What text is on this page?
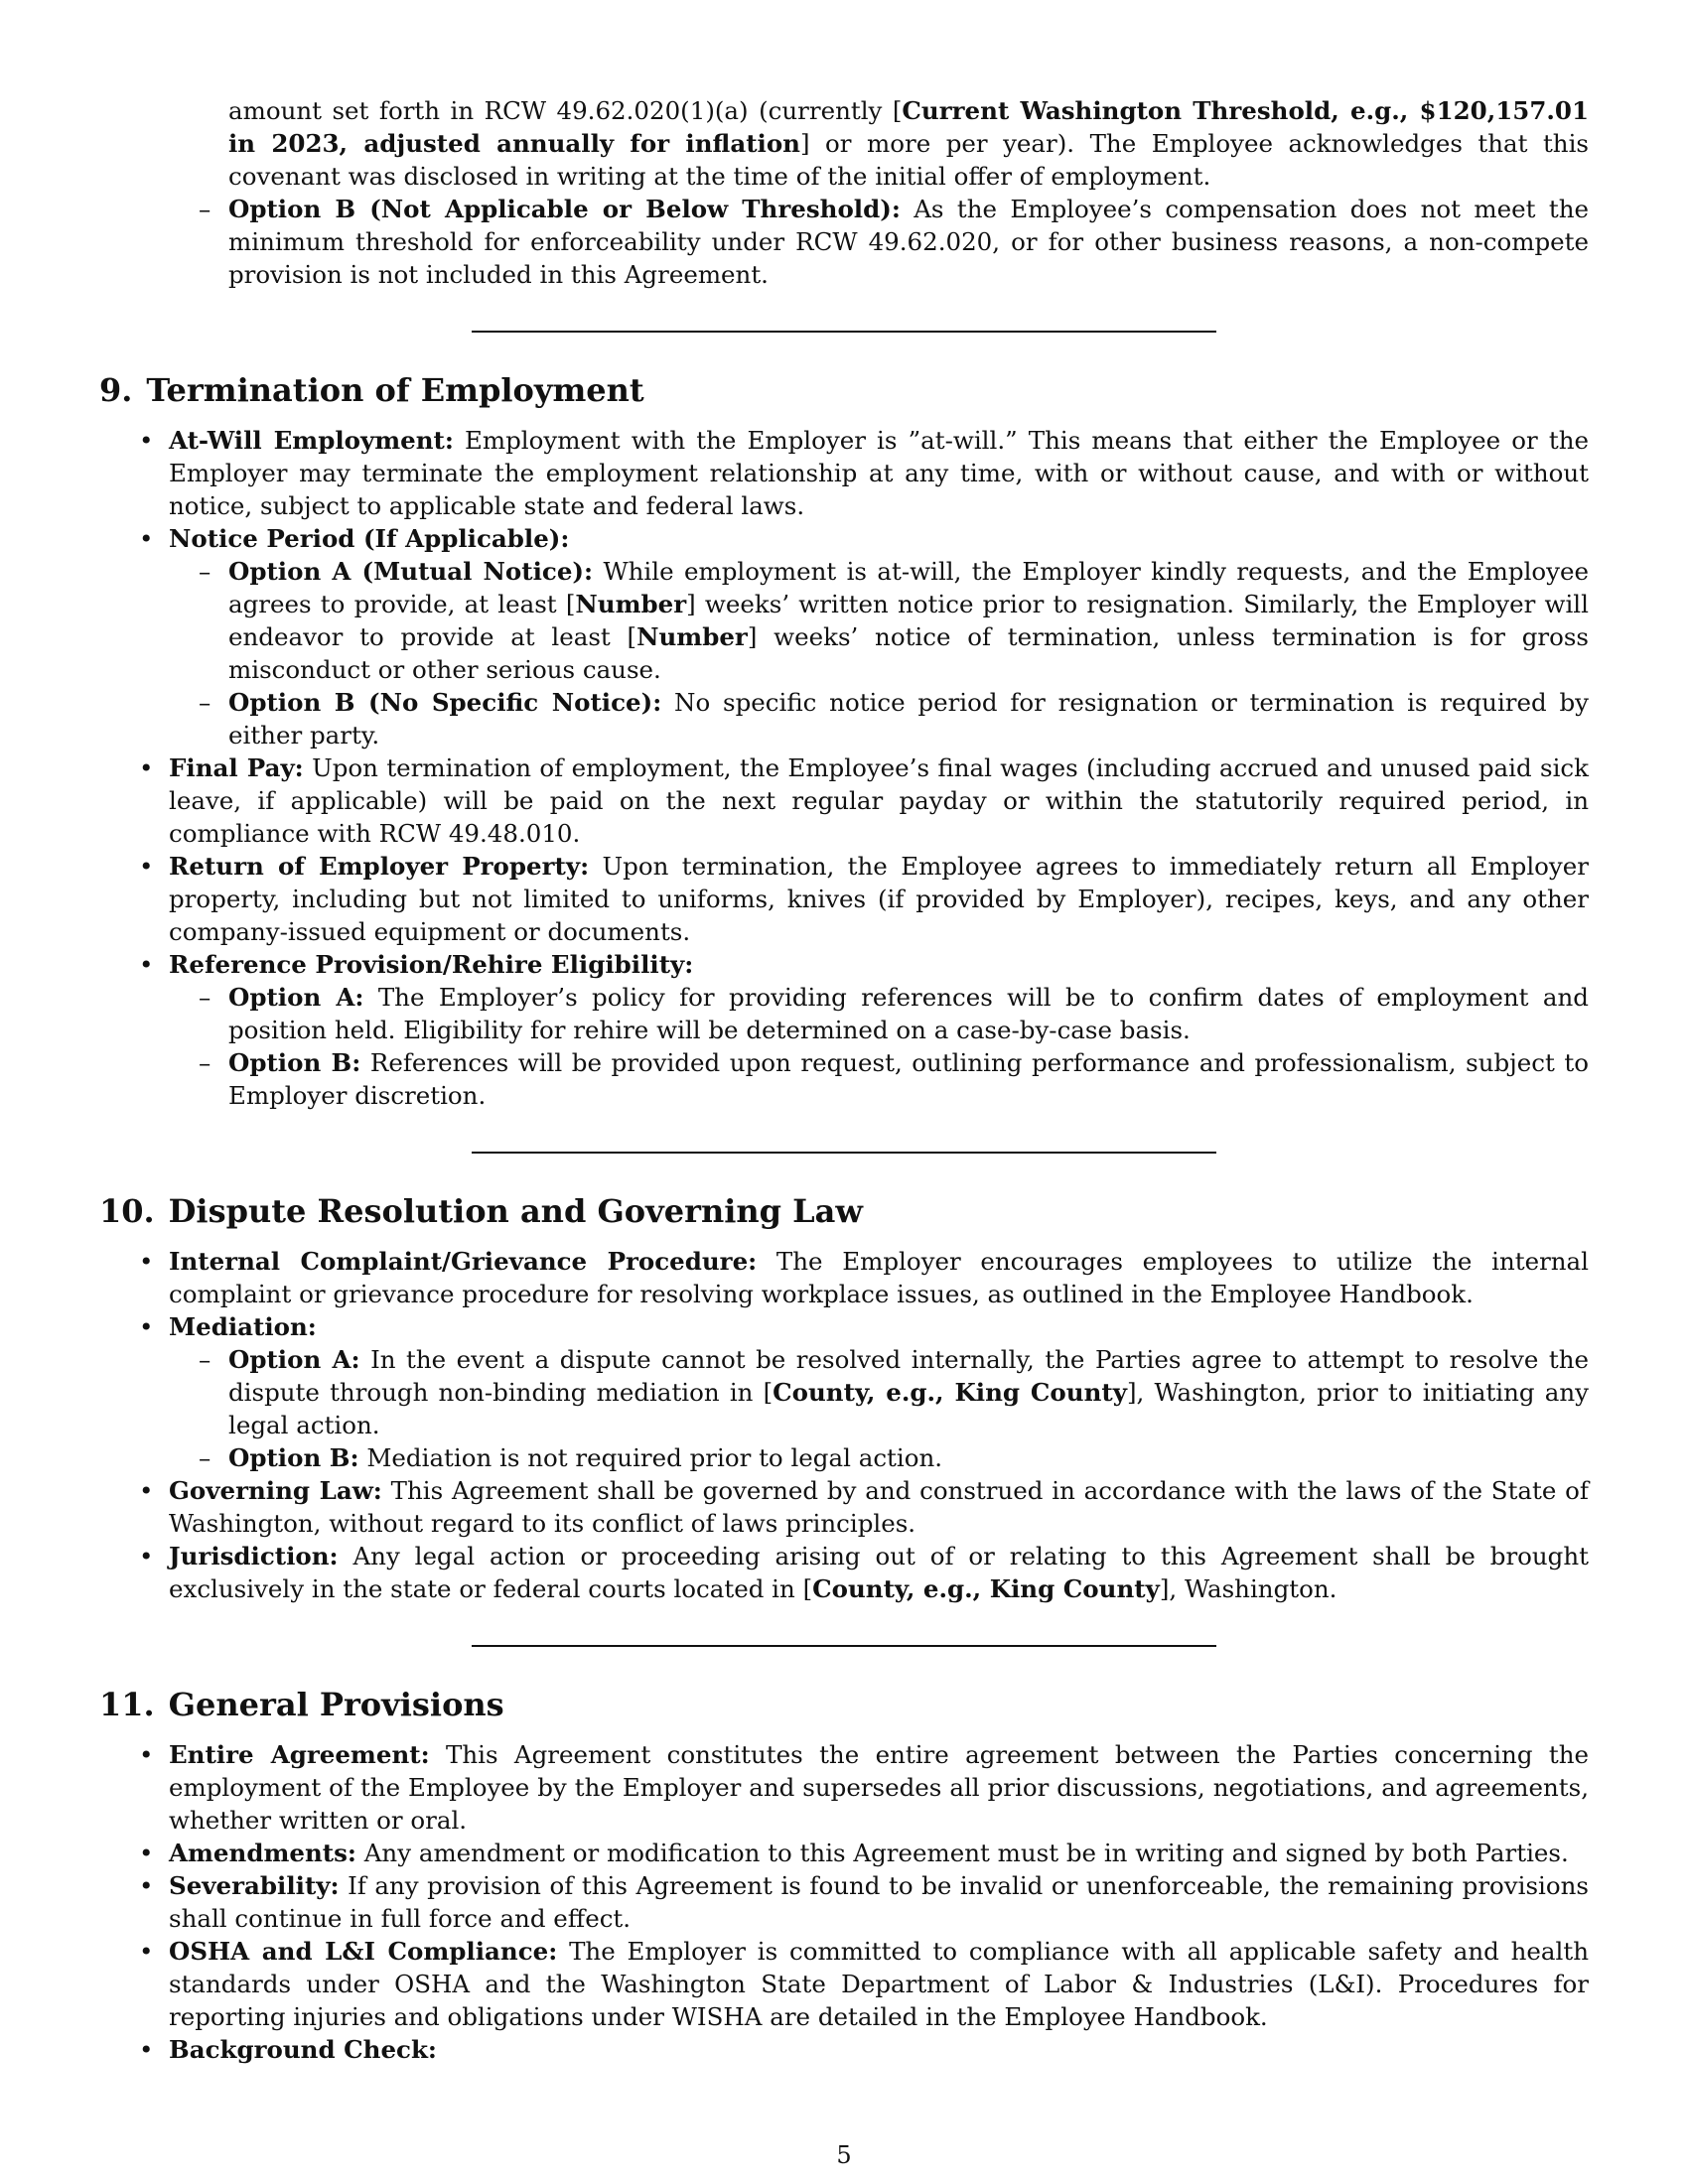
amount set forth in RCW 49.62.020(1)(a) (currently [Current Washington Threshold, e.g., $120,157.01 in 2023, adjusted annually for inflation] or more per year). The Employee acknowledges that this covenant was disclosed in writing at the time of the initial offer of employment.
– Option B (Not Applicable or Below Threshold): As the Employee’s compensation does not meet the minimum threshold for enforceability under RCW 49.62.020, or for other business reasons, a non-compete provision is not included in this Agreement.
9. Termination of Employment
• At-Will Employment: Employment with the Employer is ”at-will.” This means that either the Employee or the Employer may terminate the employment relationship at any time, with or without cause, and with or without notice, subject to applicable state and federal laws.
• Notice Period (If Applicable):
– Option A (Mutual Notice): While employment is at-will, the Employer kindly requests, and the Employee agrees to provide, at least [Number] weeks’ written notice prior to resignation. Similarly, the Employer will endeavor to provide at least [Number] weeks’ notice of termination, unless termination is for gross misconduct or other serious cause.
– Option B (No Specific Notice): No specific notice period for resignation or termination is required by either party.
• Final Pay: Upon termination of employment, the Employee’s final wages (including accrued and unused paid sick leave, if applicable) will be paid on the next regular payday or within the statutorily required period, in compliance with RCW 49.48.010.
• Return of Employer Property: Upon termination, the Employee agrees to immediately return all Employer property, including but not limited to uniforms, knives (if provided by Employer), recipes, keys, and any other company-issued equipment or documents.
• Reference Provision/Rehire Eligibility:
– Option A: The Employer’s policy for providing references will be to confirm dates of employment and position held. Eligibility for rehire will be determined on a case-by-case basis.
– Option B: References will be provided upon request, outlining performance and professionalism, subject to Employer discretion.
10. Dispute Resolution and Governing Law
• Internal Complaint/Grievance Procedure: The Employer encourages employees to utilize the internal complaint or grievance procedure for resolving workplace issues, as outlined in the Employee Handbook.
• Mediation:
– Option A: In the event a dispute cannot be resolved internally, the Parties agree to attempt to resolve the dispute through non-binding mediation in [County, e.g., King County], Washington, prior to initiating any legal action.
– Option B: Mediation is not required prior to legal action.
• Governing Law: This Agreement shall be governed by and construed in accordance with the laws of the State of Washington, without regard to its conflict of laws principles.
• Jurisdiction: Any legal action or proceeding arising out of or relating to this Agreement shall be brought exclusively in the state or federal courts located in [County, e.g., King County], Washington.
11. General Provisions
• Entire Agreement: This Agreement constitutes the entire agreement between the Parties concerning the employment of the Employee by the Employer and supersedes all prior discussions, negotiations, and agreements, whether written or oral.
• Amendments: Any amendment or modification to this Agreement must be in writing and signed by both Parties.
• Severability: If any provision of this Agreement is found to be invalid or unenforceable, the remaining provisions shall continue in full force and effect.
• OSHA and L&I Compliance: The Employer is committed to compliance with all applicable safety and health standards under OSHA and the Washington State Department of Labor & Industries (L&I). Procedures for reporting injuries and obligations under WISHA are detailed in the Employee Handbook.
• Background Check:
5
